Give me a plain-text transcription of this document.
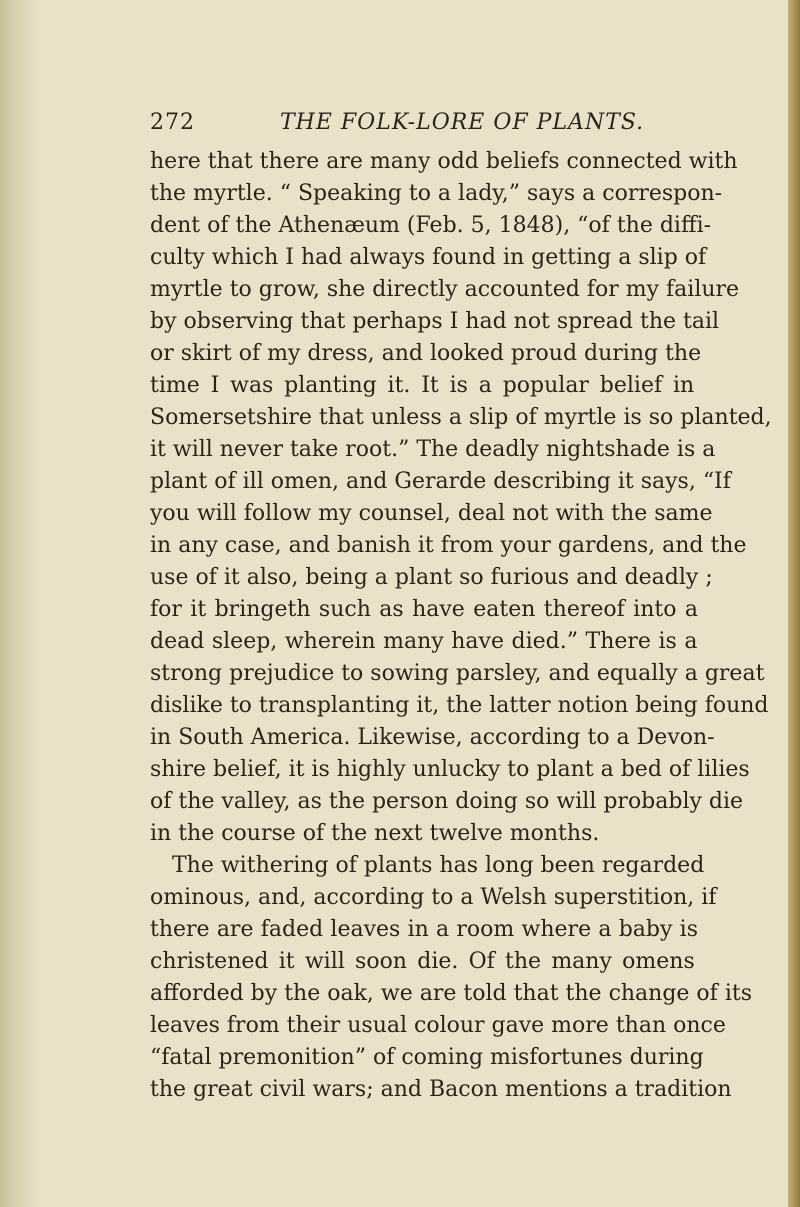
272	THE FOLK-LORE OF PLANTS.
here that there are many odd beliefs connected with
the myrtle. “ Speaking to a lady,” says a correspon-
dent of the Athenæum (Feb. 5, 1848), “of the diffi-
culty which I had always found in getting a slip of
myrtle to grow, she directly accounted for my failure
by observing that perhaps I had not spread the tail
or skirt of my dress, and looked proud during the
time I was planting it. It is a popular belief in
Somersetshire that unless a slip of myrtle is so planted,
it will never take root.” The deadly nightshade is a
plant of ill omen, and Gerarde describing it says, “If
you will follow my counsel, deal not with the same
in any case, and banish it from your gardens, and the
use of it also, being a plant so furious and deadly ;
for it bringeth such as have eaten thereof into a
dead sleep, wherein many have died.” There is a
strong prejudice to sowing parsley, and equally a great
dislike to transplanting it, the latter notion being found
in South America. Likewise, according to a Devon-
shire belief, it is highly unlucky to plant a bed of lilies
of the valley, as the person doing so will probably die
in the course of the next twelve months.
The withering of plants has long been regarded
ominous, and, according to a Welsh superstition, if
there are faded leaves in a room where a baby is
christened it will soon die. Of the many omens
afforded by the oak, we are told that the change of its
leaves from their usual colour gave more than once
“fatal premonition” of coming misfortunes during
the great civil wars; and Bacon mentions a tradition
